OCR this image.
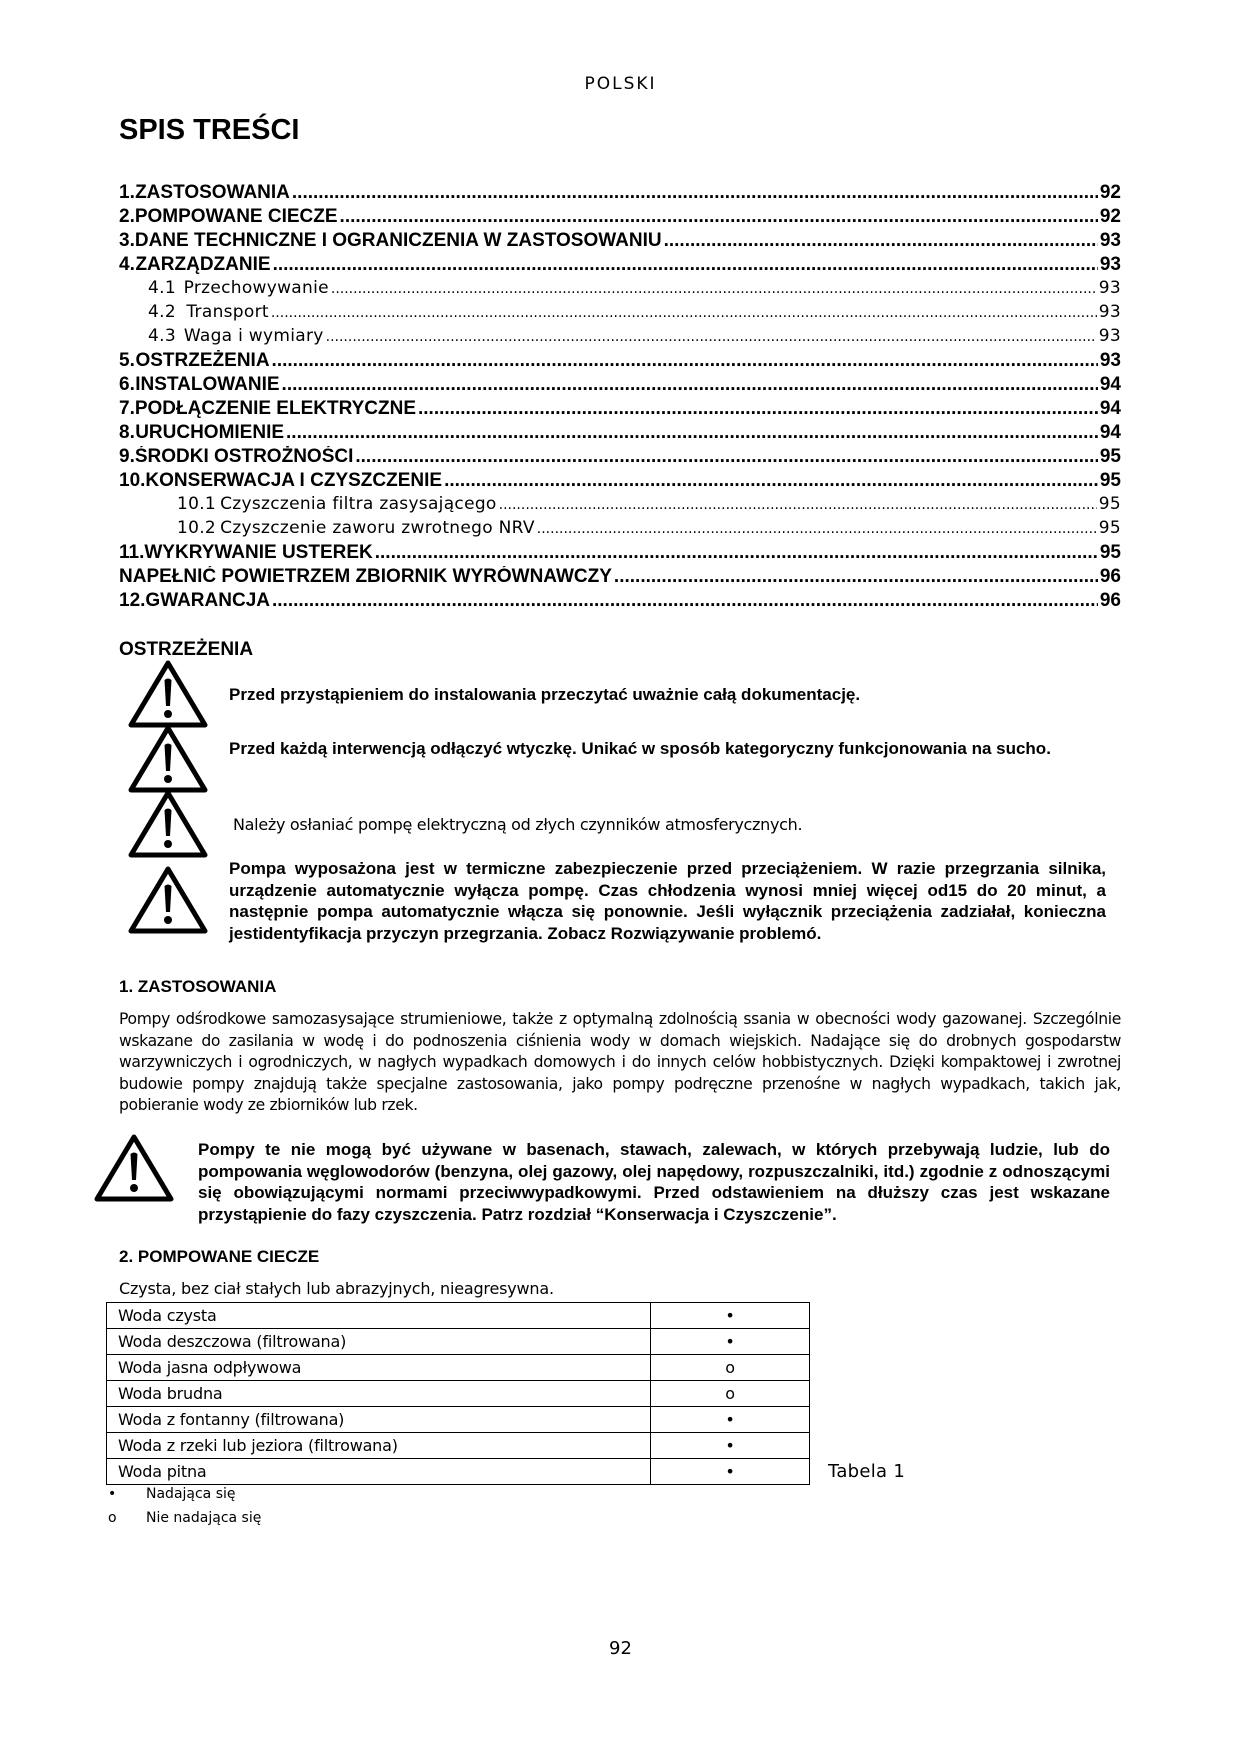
POLSKI
SPIS TREŚCI
1. ZASTOSOWANIA .....	92
2. POMPOWANE CIECZE .....	92
3. DANE TECHNICZNE I OGRANICZENIA W ZASTOSOWANIU .....	93
4. ZARZĄDZANIE .....	93
4.1 Przechowywanie .....	93
4.2 Transport .....	93
4.3 Waga i wymiary .....	93
5. OSTRZEŻENIA .....	93
6. INSTALOWANIE .....	94
7. PODŁĄCZENIE ELEKTRYCZNE .....	94
8. URUCHOMIENIE .....	94
9. ŚRODKI OSTROŻNOŚCI .....	95
10. KONSERWACJA I CZYSZCZENIE .....	95
10.1 Czyszczenia filtra zasysającego .....	95
10.2 Czyszczenie zaworu zwrotnego NRV .....	95
11. WYKRYWANIE USTEREK .....	95
NAPEŁNIĆ POWIETRZEM ZBIORNIK WYRÓWNAWCZY .....	96
12. GWARANCJA .....	96
OSTRZEŻENIA
Przed przystąpieniem do instalowania przeczytać uważnie całą dokumentację.
Przed każdą interwencją odłączyć wtyczkę. Unikać w sposób kategoryczny funkcjonowania na sucho.
Należy osłaniać pompę elektryczną od złych czynników atmosferycznych.
Pompa wyposażona jest w termiczne zabezpieczenie przed przeciążeniem. W razie przegrzania silnika, urządzenie automatycznie wyłącza pompę. Czas chłodzenia wynosi mniej więcej od15 do 20 minut, a następnie pompa automatycznie włącza się ponownie. Jeśli wyłącznik przeciążenia zadziałał, konieczna jestidentyfikacja przyczyn przegrzania. Zobacz Rozwiązywanie problemó.
1. ZASTOSOWANIA
Pompy odśrodkowe samozasysające strumieniowe, także z optymalną zdolnością ssania w obecności wody gazowanej. Szczególnie wskazane do zasilania w wodę i do podnoszenia ciśnienia wody w domach wiejskich. Nadające się do drobnych gospodarstw warzywniczych i ogrodniczych, w nagłych wypadkach domowych i do innych celów hobbistycznych. Dzięki kompaktowej i zwrotnej budowie pompy znajdują także specjalne zastosowania, jako pompy podręczne przenośne w nagłych wypadkach, takich jak, pobieranie wody ze zbiorników lub rzek.
Pompy te nie mogą być używane w basenach, stawach, zalewach, w których przebywają ludzie, lub do pompowania węglowodorów (benzyna, olej gazowy, olej napędowy, rozpuszczalniki, itd.) zgodnie z odnoszącymi się obowiązującymi normami przeciwwypadkowymi. Przed odstawieniem na dłuższy czas jest wskazane przystąpienie do fazy czyszczenia. Patrz rozdział “Konserwacja i Czyszczenie”.
2. POMPOWANE CIECZE
Czysta, bez ciał stałych lub abrazyjnych, nieagresywna.
Woda czysta	•
Woda deszczowa (filtrowana)	•
Woda jasna odpływowa	o
Woda brudna	o
Woda z fontanny (filtrowana)	•
Woda z rzeki lub jeziora (filtrowana)	•
Woda pitna	•	Tabela 1
• Nadająca się
o Nie nadająca się
92
